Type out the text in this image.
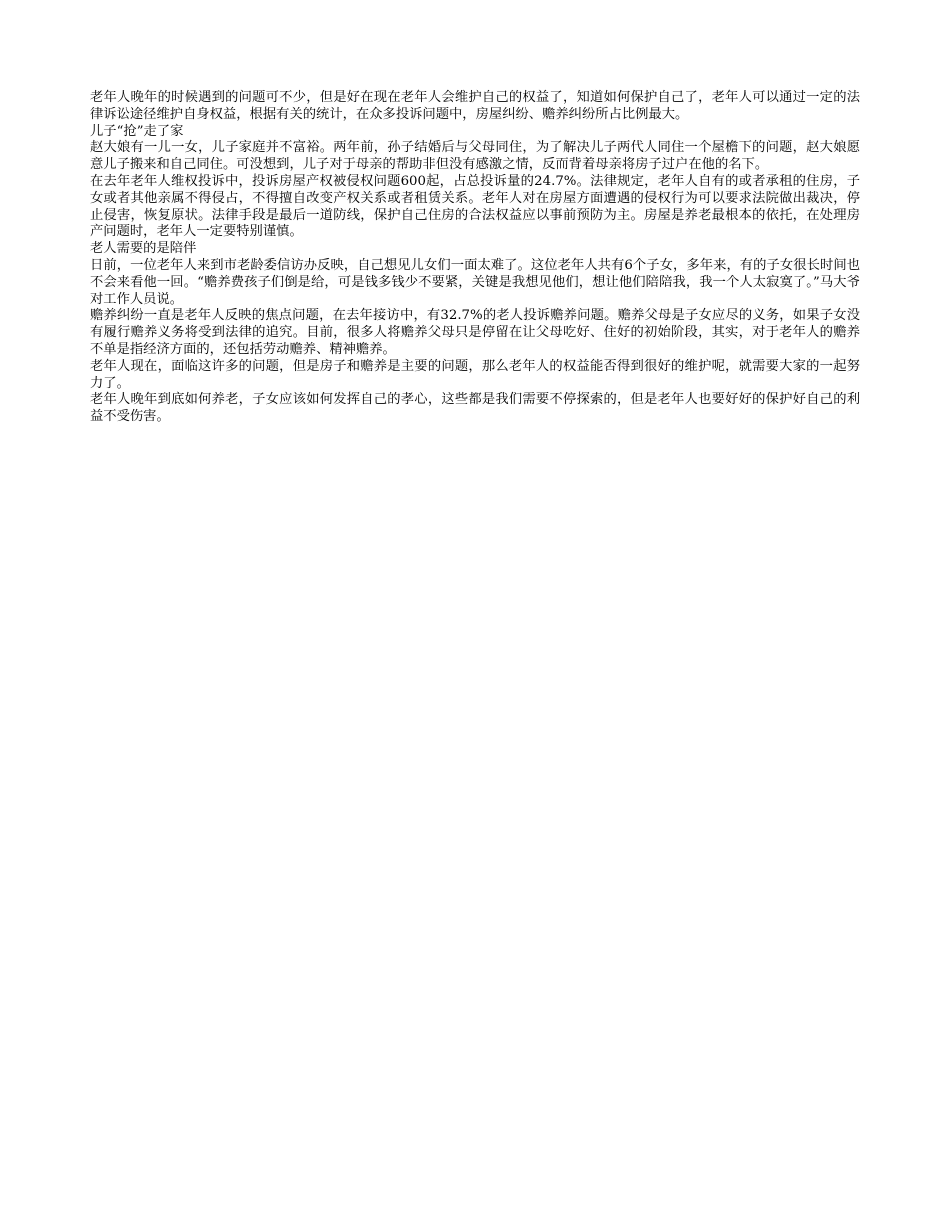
老年人晚年的时候遇到的问题可不少，但是好在现在老年人会维护自己的权益了，知道如何保护自己了，老年人可以通过一定的法律诉讼途径维护自身权益，根据有关的统计，在众多投诉问题中，房屋纠纷、赡养纠纷所占比例最大。

儿子“抢”走了家

赵大娘有一儿一女，儿子家庭并不富裕。两年前，孙子结婚后与父母同住，为了解决儿子两代人同住一个屋檐下的问题，赵大娘愿意儿子搬来和自己同住。可没想到，儿子对于母亲的帮助非但没有感激之情，反而背着母亲将房子过户在他的名下。

在去年老年人维权投诉中，投诉房屋产权被侵权问题600起，占总投诉量的24.7%。法律规定，老年人自有的或者承租的住房，子女或者其他亲属不得侵占，不得擅自改变产权关系或者租赁关系。老年人对在房屋方面遭遇的侵权行为可以要求法院做出裁决，停止侵害，恢复原状。法律手段是最后一道防线，保护自己住房的合法权益应以事前预防为主。房屋是养老最根本的依托，在处理房产问题时，老年人一定要特别谨慎。

老人需要的是陪伴

日前，一位老年人来到市老龄委信访办反映，自己想见儿女们一面太难了。这位老年人共有6个子女，多年来，有的子女很长时间也不会来看他一回。“赡养费孩子们倒是给，可是钱多钱少不要紧，关键是我想见他们，想让他们陪陪我，我一个人太寂寞了。”马大爷对工作人员说。

赡养纠纷一直是老年人反映的焦点问题，在去年接访中，有32.7%的老人投诉赡养问题。赡养父母是子女应尽的义务，如果子女没有履行赡养义务将受到法律的追究。目前，很多人将赡养父母只是停留在让父母吃好、住好的初始阶段，其实，对于老年人的赡养不单是指经济方面的，还包括劳动赡养、精神赡养。

老年人现在，面临这许多的问题，但是房子和赡养是主要的问题，那么老年人的权益能否得到很好的维护呢，就需要大家的一起努力了。

老年人晚年到底如何养老，子女应该如何发挥自己的孝心，这些都是我们需要不停探索的，但是老年人也要好好的保护好自己的利益不受伤害。
